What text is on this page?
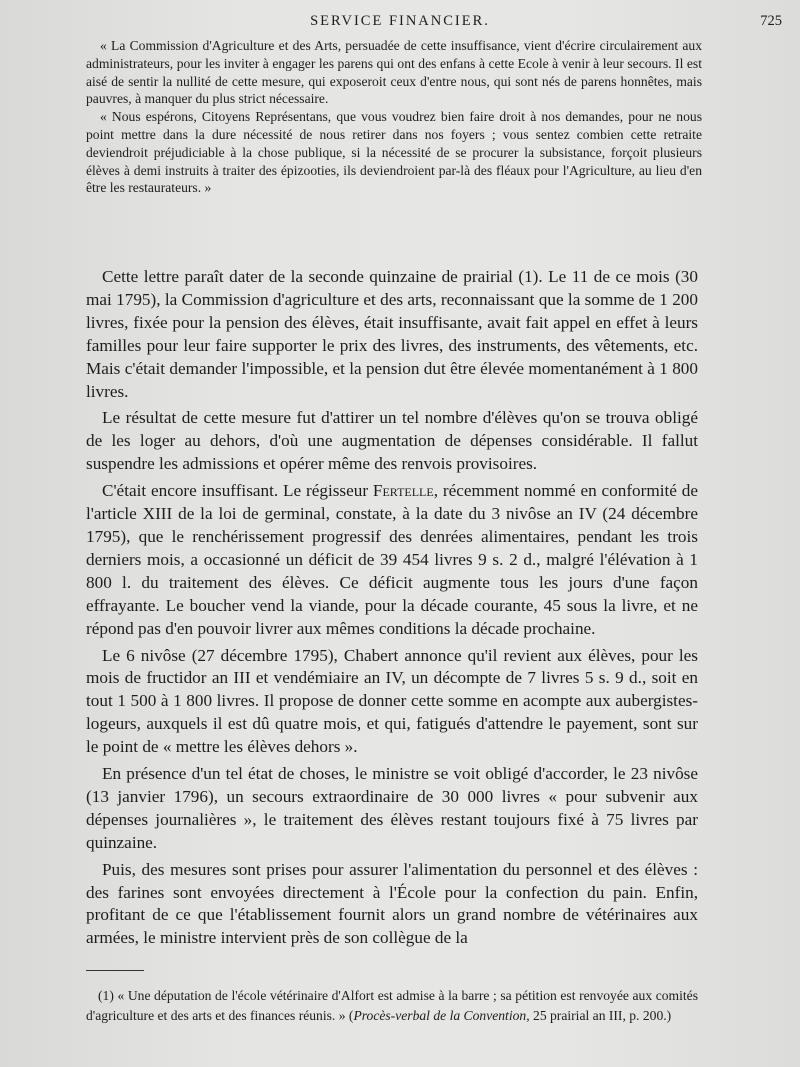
SERVICE FINANCIER.	725

« La Commission d'Agriculture et des Arts, persuadée de cette insuffisance, vient d'écrire circulairement aux administrateurs, pour les inviter à engager les parens qui ont des enfans à cette Ecole à venir à leur secours. Il est aisé de sentir la nullité de cette mesure, qui exposeroit ceux d'entre nous, qui sont nés de parens honnêtes, mais pauvres, à manquer du plus strict nécessaire.

« Nous espérons, Citoyens Représentans, que vous voudrez bien faire droit à nos demandes, pour ne nous point mettre dans la dure nécessité de nous retirer dans nos foyers ; vous sentez combien cette retraite deviendroit préjudiciable à la chose publique, si la nécessité de se procurer la subsistance, forçoit plusieurs élèves à demi instruits à traiter des épizooties, ils deviendroient par-là des fléaux pour l'Agriculture, au lieu d'en être les restaurateurs. »

Cette lettre paraît dater de la seconde quinzaine de prairial (1). Le 11 de ce mois (30 mai 1795), la Commission d'agriculture et des arts, reconnaissant que la somme de 1 200 livres, fixée pour la pension des élèves, était insuffisante, avait fait appel en effet à leurs familles pour leur faire supporter le prix des livres, des instruments, des vêtements, etc. Mais c'était demander l'impossible, et la pension dut être élevée momentanément à 1 800 livres.

Le résultat de cette mesure fut d'attirer un tel nombre d'élèves qu'on se trouva obligé de les loger au dehors, d'où une augmentation de dépenses considérable. Il fallut suspendre les admissions et opérer même des renvois provisoires.

C'était encore insuffisant. Le régisseur Fertelle, récemment nommé en conformité de l'article XIII de la loi de germinal, constate, à la date du 3 nivôse an IV (24 décembre 1795), que le renchérissement progressif des denrées alimentaires, pendant les trois derniers mois, a occasionné un déficit de 39 454 livres 9 s. 2 d., malgré l'élévation à 1 800 l. du traitement des élèves. Ce déficit augmente tous les jours d'une façon effrayante. Le boucher vend la viande, pour la décade courante, 45 sous la livre, et ne répond pas d'en pouvoir livrer aux mêmes conditions la décade prochaine.

Le 6 nivôse (27 décembre 1795), Chabert annonce qu'il revient aux élèves, pour les mois de fructidor an III et vendémiaire an IV, un décompte de 7 livres 5 s. 9 d., soit en tout 1 500 à 1 800 livres. Il propose de donner cette somme en acompte aux aubergistes-logeurs, auxquels il est dû quatre mois, et qui, fatigués d'attendre le payement, sont sur le point de « mettre les élèves dehors ».

En présence d'un tel état de choses, le ministre se voit obligé d'accorder, le 23 nivôse (13 janvier 1796), un secours extraordinaire de 30 000 livres « pour subvenir aux dépenses journalières », le traitement des élèves restant toujours fixé à 75 livres par quinzaine.

Puis, des mesures sont prises pour assurer l'alimentation du personnel et des élèves : des farines sont envoyées directement à l'École pour la confection du pain. Enfin, profitant de ce que l'établissement fournit alors un grand nombre de vétérinaires aux armées, le ministre intervient près de son collègue de la

(1) « Une députation de l'école vétérinaire d'Alfort est admise à la barre ; sa pétition est renvoyée aux comités d'agriculture et des arts et des finances réunis. » (Procès-verbal de la Convention, 25 prairial an III, p. 200.)
